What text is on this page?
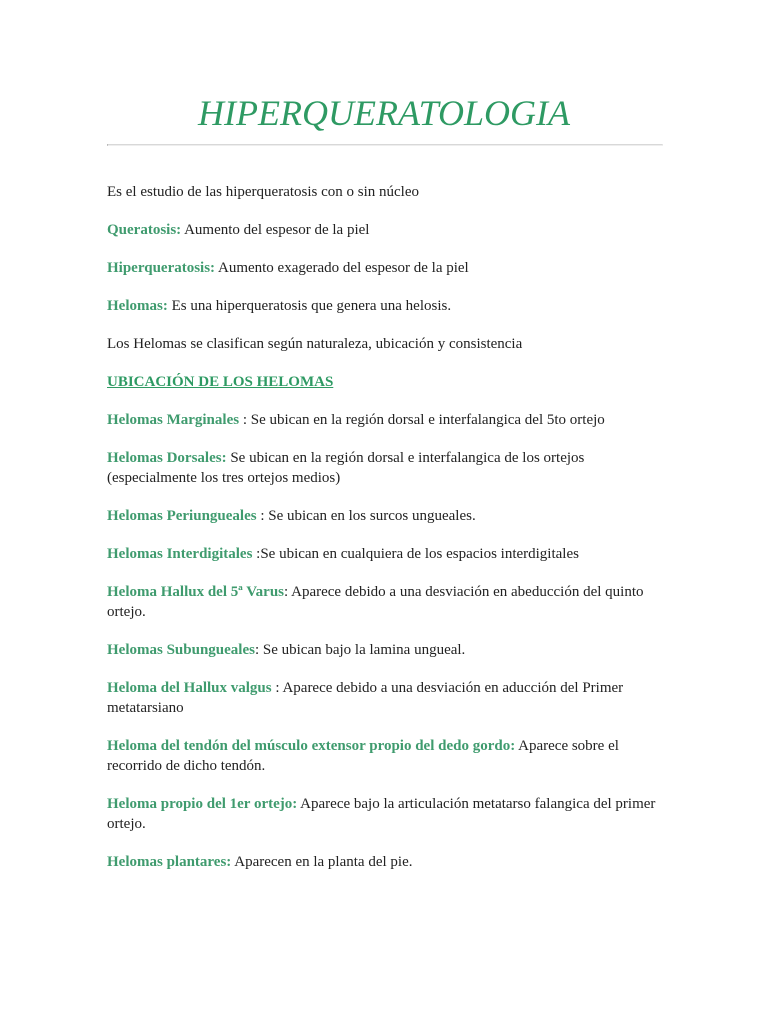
HIPERQUERATOLOGIA

Es el estudio de las hiperqueratosis con o sin núcleo

Queratosis: Aumento del espesor de la piel

Hiperqueratosis: Aumento exagerado del espesor de la piel

Helomas: Es una hiperqueratosis que genera una helosis.

Los Helomas se clasifican según naturaleza, ubicación y consistencia

UBICACIÓN DE LOS HELOMAS

Helomas Marginales : Se ubican en la región dorsal e interfalangica del 5to ortejo

Helomas Dorsales: Se ubican en la región dorsal e interfalangica de los ortejos (especialmente los tres ortejos medios)

Helomas Periungueales : Se ubican en los surcos ungueales.

Helomas Interdigitales :Se ubican en cualquiera de los espacios interdigitales

Heloma Hallux del 5ª Varus: Aparece debido a una desviación en abeducción del quinto ortejo.

Helomas Subungueales: Se ubican bajo la lamina ungueal.

Heloma del Hallux valgus : Aparece debido a una desviación en aducción del Primer metatarsiano

Heloma del tendón del músculo extensor propio del dedo gordo: Aparece sobre el recorrido de dicho tendón.

Heloma propio del 1er ortejo: Aparece bajo la articulación metatarso falangica del primer ortejo.

Helomas plantares: Aparecen en la planta del pie.
